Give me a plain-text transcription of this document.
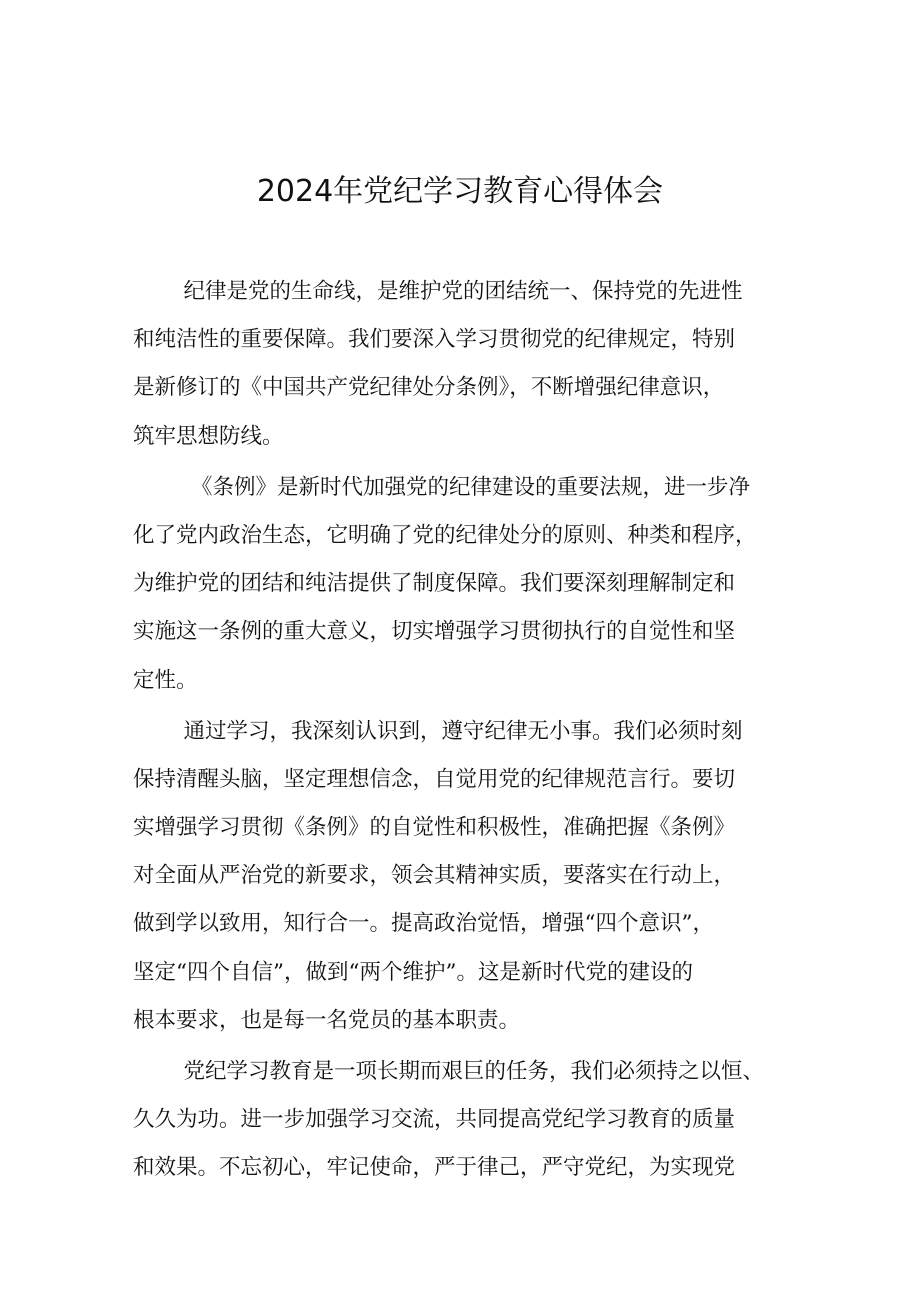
2024年党纪学习教育心得体会
纪律是党的生命线，是维护党的团结统一、保持党的先进性
和纯洁性的重要保障。我们要深入学习贯彻党的纪律规定，特别
是新修订的《中国共产党纪律处分条例》，不断增强纪律意识，
筑牢思想防线。
《条例》是新时代加强党的纪律建设的重要法规，进一步净
化了党内政治生态，它明确了党的纪律处分的原则、种类和程序，
为维护党的团结和纯洁提供了制度保障。我们要深刻理解制定和
实施这一条例的重大意义，切实增强学习贯彻执行的自觉性和坚
定性。
通过学习，我深刻认识到，遵守纪律无小事。我们必须时刻
保持清醒头脑，坚定理想信念，自觉用党的纪律规范言行。要切
实增强学习贯彻《条例》的自觉性和积极性，准确把握《条例》
对全面从严治党的新要求，领会其精神实质，要落实在行动上，
做到学以致用，知行合一。提高政治觉悟，增强“四个意识”，
坚定“四个自信”，做到“两个维护”。这是新时代党的建设的
根本要求，也是每一名党员的基本职责。
党纪学习教育是一项长期而艰巨的任务，我们必须持之以恒、
久久为功。进一步加强学习交流，共同提高党纪学习教育的质量
和效果。不忘初心，牢记使命，严于律己，严守党纪，为实现党
